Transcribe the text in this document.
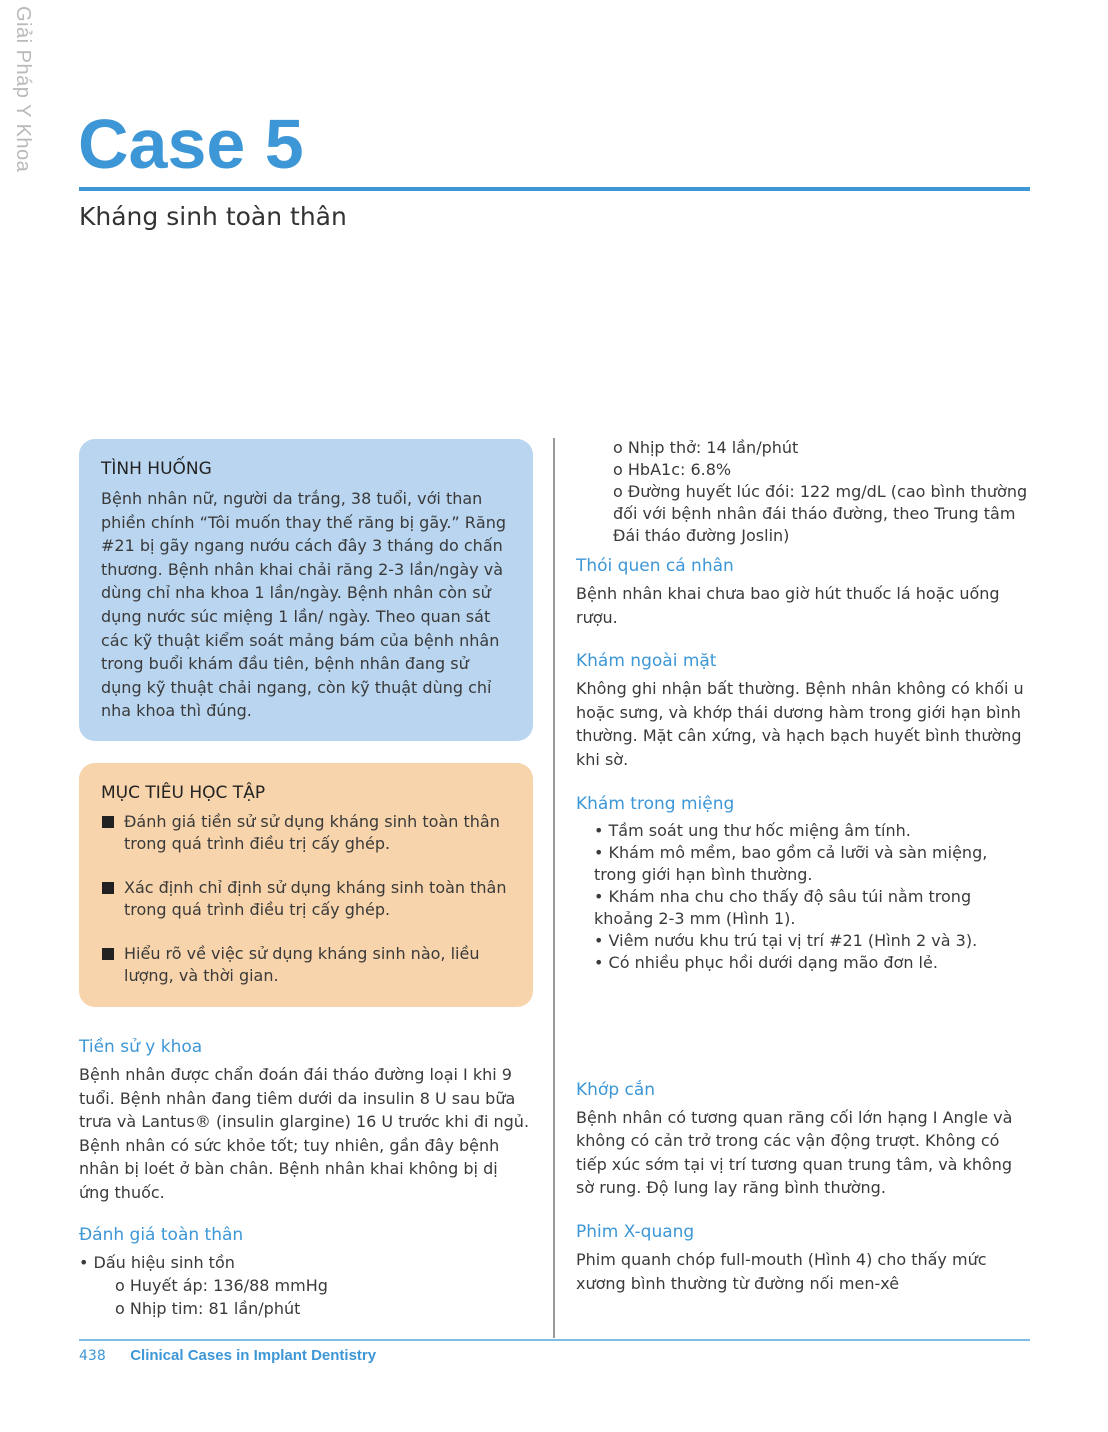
Giải Pháp Y Khoa Case 5
Kháng sinh toàn thân

TÌNH HUỐNG

Bệnh nhân nữ, người da trắng, 38 tuổi, với than phiền chính “Tôi muốn thay thế răng bị gãy.” Răng #21 bị gãy ngang nướu cách đây 3 tháng do chấn thương. Bệnh nhân khai chải răng 2-3 lần/ngày và dùng chỉ nha khoa 1 lần/ngày. Bệnh nhân còn sử dụng nước súc miệng 1 lần/ ngày. Theo quan sát các kỹ thuật kiểm soát mảng bám của bệnh nhân trong buổi khám đầu tiên, bệnh nhân đang sử dụng kỹ thuật chải ngang, còn kỹ thuật dùng chỉ nha khoa thì đúng.

MỤC TIÊU HỌC TẬP

Đánh giá tiền sử sử dụng kháng sinh toàn thân trong quá trình điều trị cấy ghép.
Xác định chỉ định sử dụng kháng sinh toàn thân trong quá trình điều trị cấy ghép.
Hiểu rõ về việc sử dụng kháng sinh nào, liều lượng, và thời gian.
Tiền sử y khoa

Bệnh nhân được chẩn đoán đái tháo đường loại I khi 9 tuổi. Bệnh nhân đang tiêm dưới da insulin 8 U sau bữa trưa và Lantus® (insulin glargine) 16 U trước khi đi ngủ. Bệnh nhân có sức khỏe tốt; tuy nhiên, gần đây bệnh nhân bị loét ở bàn chân. Bệnh nhân khai không bị dị ứng thuốc.

Đánh giá toàn thân
• Dấu hiệu sinh tồn
o Huyết áp: 136/88 mmHg
o Nhịp tim: 81 lần/phút
o Nhịp thở: 14 lần/phút
o HbA1c: 6.8%
o Đường huyết lúc đói: 122 mg/dL (cao bình thường đối với bệnh nhân đái tháo đường, theo Trung tâm Đái tháo đường Joslin)
Thói quen cá nhân

Bệnh nhân khai chưa bao giờ hút thuốc lá hoặc uống rượu.

Khám ngoài mặt

Không ghi nhận bất thường. Bệnh nhân không có khối u hoặc sưng, và khớp thái dương hàm trong giới hạn bình thường. Mặt cân xứng, và hạch bạch huyết bình thường khi sờ.

Khám trong miệng
• Tầm soát ung thư hốc miệng âm tính.
• Khám mô mềm, bao gồm cả lưỡi và sàn miệng, trong giới hạn bình thường.
• Khám nha chu cho thấy độ sâu túi nằm trong khoảng 2-3 mm (Hình 1).
• Viêm nướu khu trú tại vị trí #21 (Hình 2 và 3).
• Có nhiều phục hồi dưới dạng mão đơn lẻ.
Khớp cắn

Bệnh nhân có tương quan răng cối lớn hạng I Angle và không có cản trở trong các vận động trượt. Không có tiếp xúc sớm tại vị trí tương quan trung tâm, và không sờ rung. Độ lung lay răng bình thường.

Phim X-quang

Phim quanh chóp full-mouth (Hình 4) cho thấy mức xương bình thường từ đường nối men-xê

438 Clinical Cases in Implant Dentistry
